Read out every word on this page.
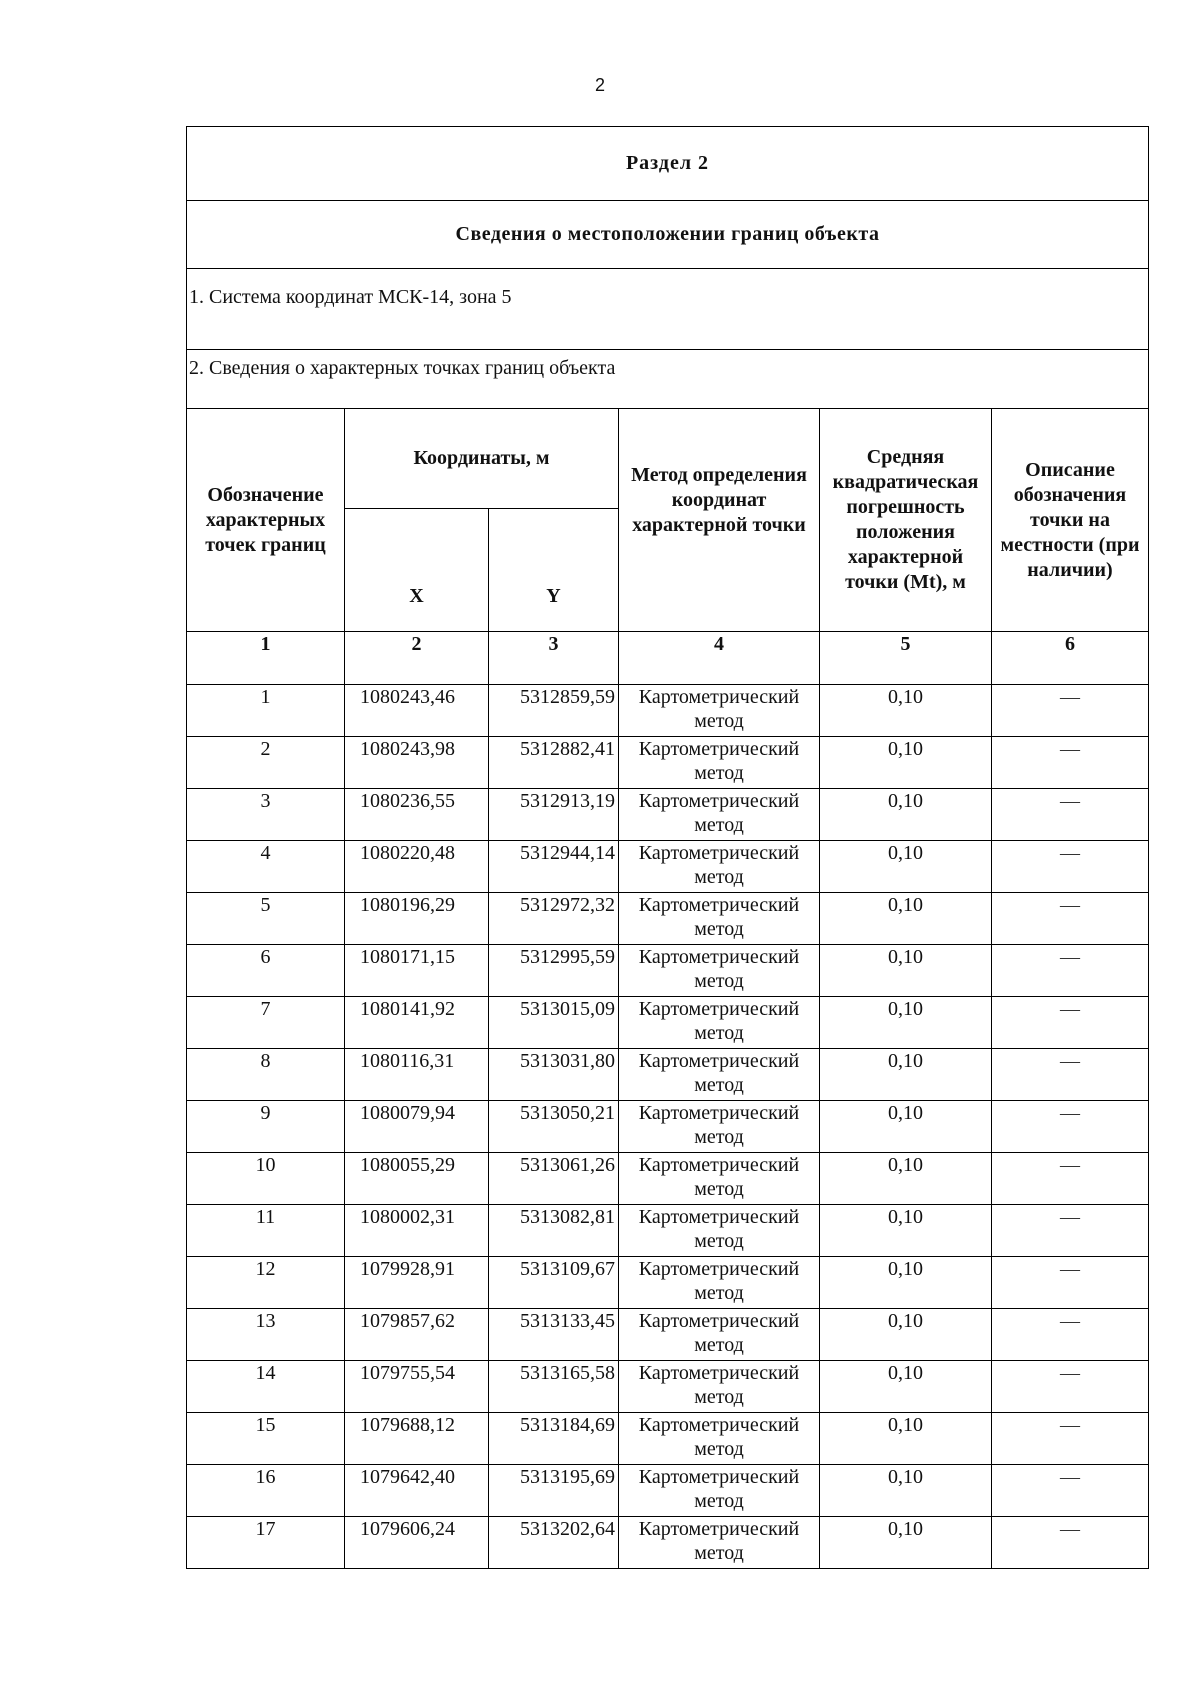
2
Раздел 2					
Сведения о местоположении границ объекта					
1. Система координат МСК-14, зона 5					
2. Сведения о характерных точках границ объекта					
Обозначение характерных точек границ	Координаты, м		Метод определения координат характерной точки	Средняя квадратическая погрешность положения характерной точки (Mt), м	Описание обозначения точки на местности (при наличии)
	X	Y			
1	2	3	4	5	6
1	1080243,46	5312859,59	Картометрический метод	0,10	—
2	1080243,98	5312882,41	Картометрический метод	0,10	—
3	1080236,55	5312913,19	Картометрический метод	0,10	—
4	1080220,48	5312944,14	Картометрический метод	0,10	—
5	1080196,29	5312972,32	Картометрический метод	0,10	—
6	1080171,15	5312995,59	Картометрический метод	0,10	—
7	1080141,92	5313015,09	Картометрический метод	0,10	—
8	1080116,31	5313031,80	Картометрический метод	0,10	—
9	1080079,94	5313050,21	Картометрический метод	0,10	—
10	1080055,29	5313061,26	Картометрический метод	0,10	—
11	1080002,31	5313082,81	Картометрический метод	0,10	—
12	1079928,91	5313109,67	Картометрический метод	0,10	—
13	1079857,62	5313133,45	Картометрический метод	0,10	—
14	1079755,54	5313165,58	Картометрический метод	0,10	—
15	1079688,12	5313184,69	Картометрический метод	0,10	—
16	1079642,40	5313195,69	Картометрический метод	0,10	—
17	1079606,24	5313202,64	Картометрический метод	0,10	—
